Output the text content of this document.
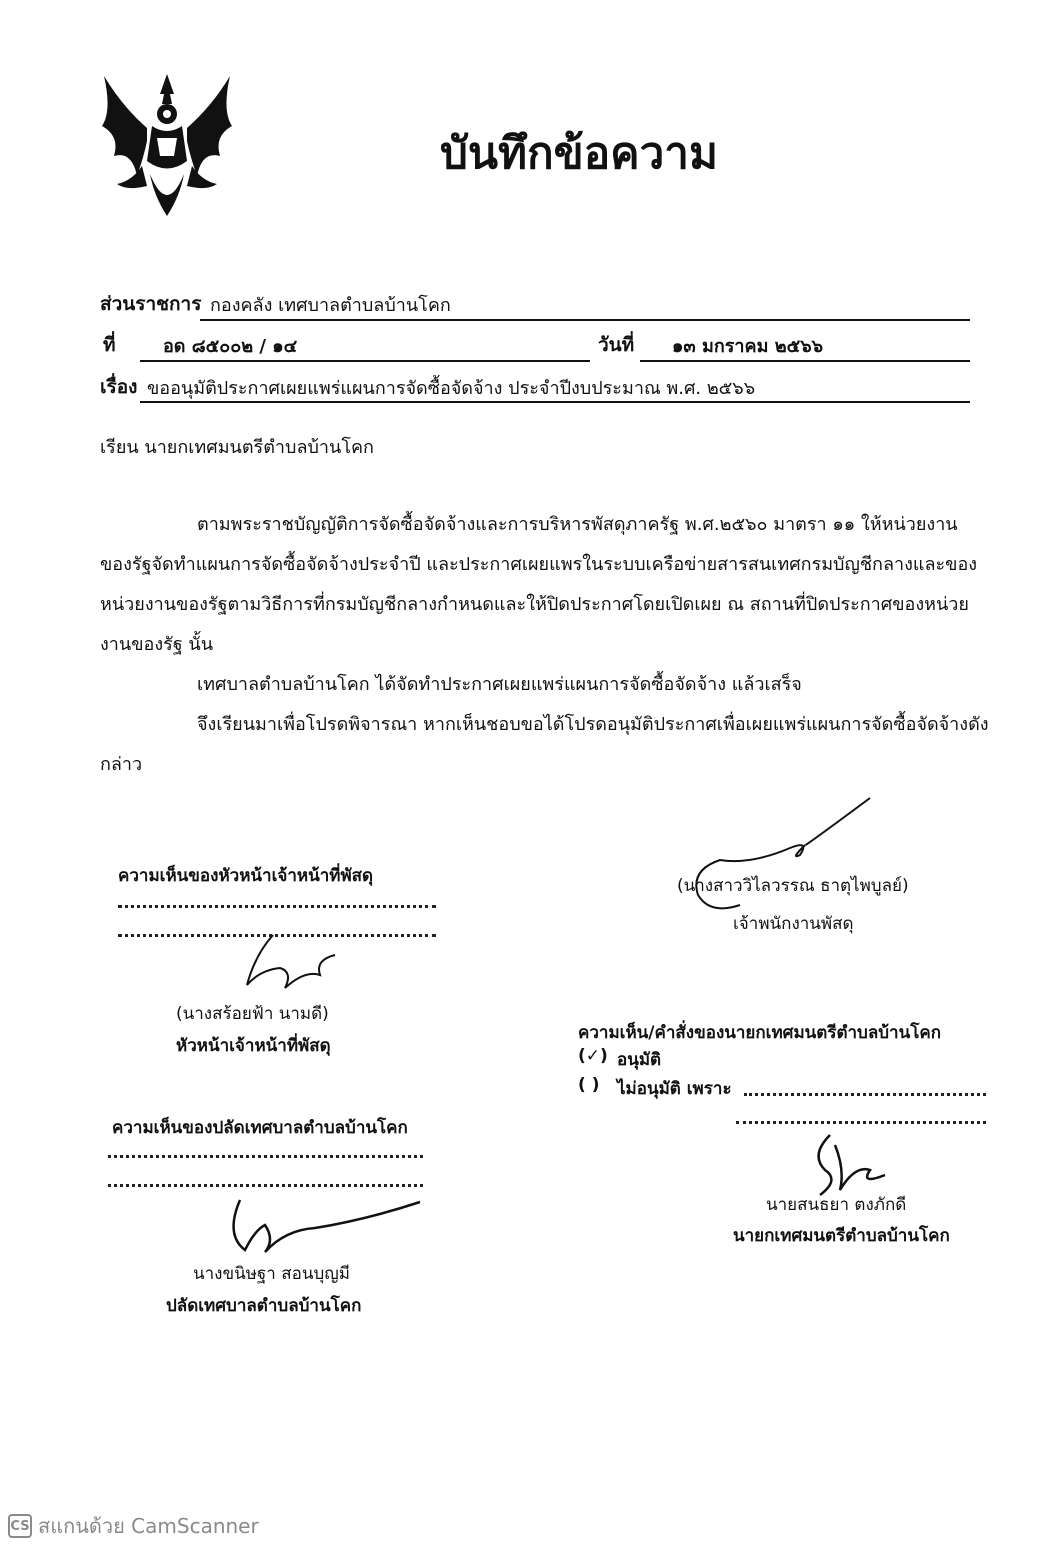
บันทึกข้อความ
ส่วนราชการ กองคลัง เทศบาลตำบลบ้านโคก
ที่	อด ๘๕๐๐๒ / ๑๔	วันที่ ๑๓ มกราคม ๒๕๖๖
เรื่อง ขออนุมัติประกาศเผยแพร่แผนการจัดซื้อจัดจ้าง ประจำปีงบประมาณ พ.ศ. ๒๕๖๖
เรียน นายกเทศมนตรีตำบลบ้านโคก
ตามพระราชบัญญัติการจัดซื้อจัดจ้างและการบริหารพัสดุภาครัฐ พ.ศ.๒๕๖๐ มาตรา ๑๑ ให้หน่วยงาน
ของรัฐจัดทำแผนการจัดซื้อจัดจ้างประจำปี และประกาศเผยแพรในระบบเครือข่ายสารสนเทศกรมบัญชีกลางและของ
หน่วยงานของรัฐตามวิธีการที่กรมบัญชีกลางกำหนดและให้ปิดประกาศโดยเปิดเผย ณ สถานที่ปิดประกาศของหน่วย
งานของรัฐ นั้น
เทศบาลตำบลบ้านโคก ได้จัดทำประกาศเผยแพร่แผนการจัดซื้อจัดจ้าง แล้วเสร็จ
จึงเรียนมาเพื่อโปรดพิจารณา หากเห็นชอบขอได้โปรดอนุมัติประกาศเพื่อเผยแพร่แผนการจัดซื้อจัดจ้างดัง
กล่าว
(นางสาววิไลวรรณ ธาตุไพบูลย์)
เจ้าพนักงานพัสดุ
ความเห็นของหัวหน้าเจ้าหน้าที่พัสดุ
(นางสร้อยฟ้า นามดี)
หัวหน้าเจ้าหน้าที่พัสดุ
ความเห็น/คำสั่งของนายกเทศมนตรีตำบลบ้านโคก
(✓) อนุมัติ
( ) ไม่อนุมัติ เพราะ
นายสนธยา ตงภักดี
นายกเทศมนตรีตำบลบ้านโคก
ความเห็นของปลัดเทศบาลตำบลบ้านโคก
นางขนิษฐา สอนบุญมี
ปลัดเทศบาลตำบลบ้านโคก
CS สแกนด้วย CamScanner
